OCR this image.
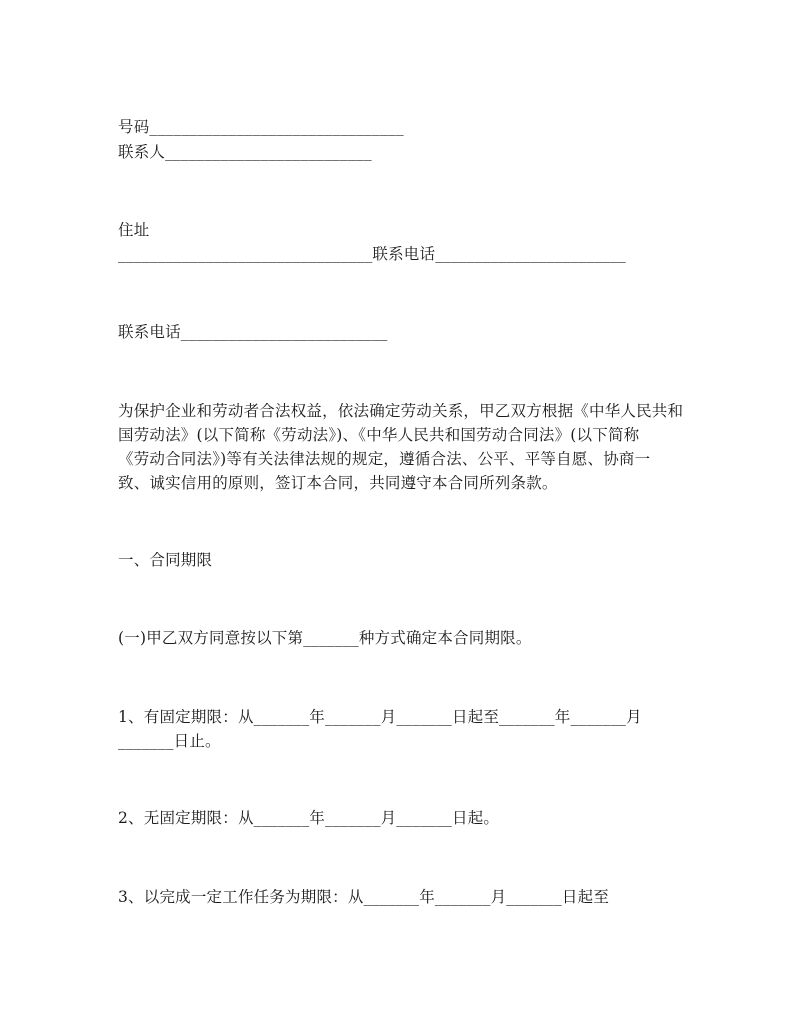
号码________________________________
联系人__________________________
住址
________________________________联系电话________________________
联系电话__________________________
为保护企业和劳动者合法权益，依法确定劳动关系，甲乙双方根据《中华人民共和
国劳动法》(以下简称《劳动法》)、《中华人民共和国劳动合同法》(以下简称
《劳动合同法》)等有关法律法规的规定，遵循合法、公平、平等自愿、协商一
致、诚实信用的原则，签订本合同，共同遵守本合同所列条款。
一、合同期限
(一)甲乙双方同意按以下第_______种方式确定本合同期限。
1、有固定期限：从_______年_______月_______日起至_______年_______月
_______日止。
2、无固定期限：从_______年_______月_______日起。
3、以完成一定工作任务为期限：从_______年_______月_______日起至
